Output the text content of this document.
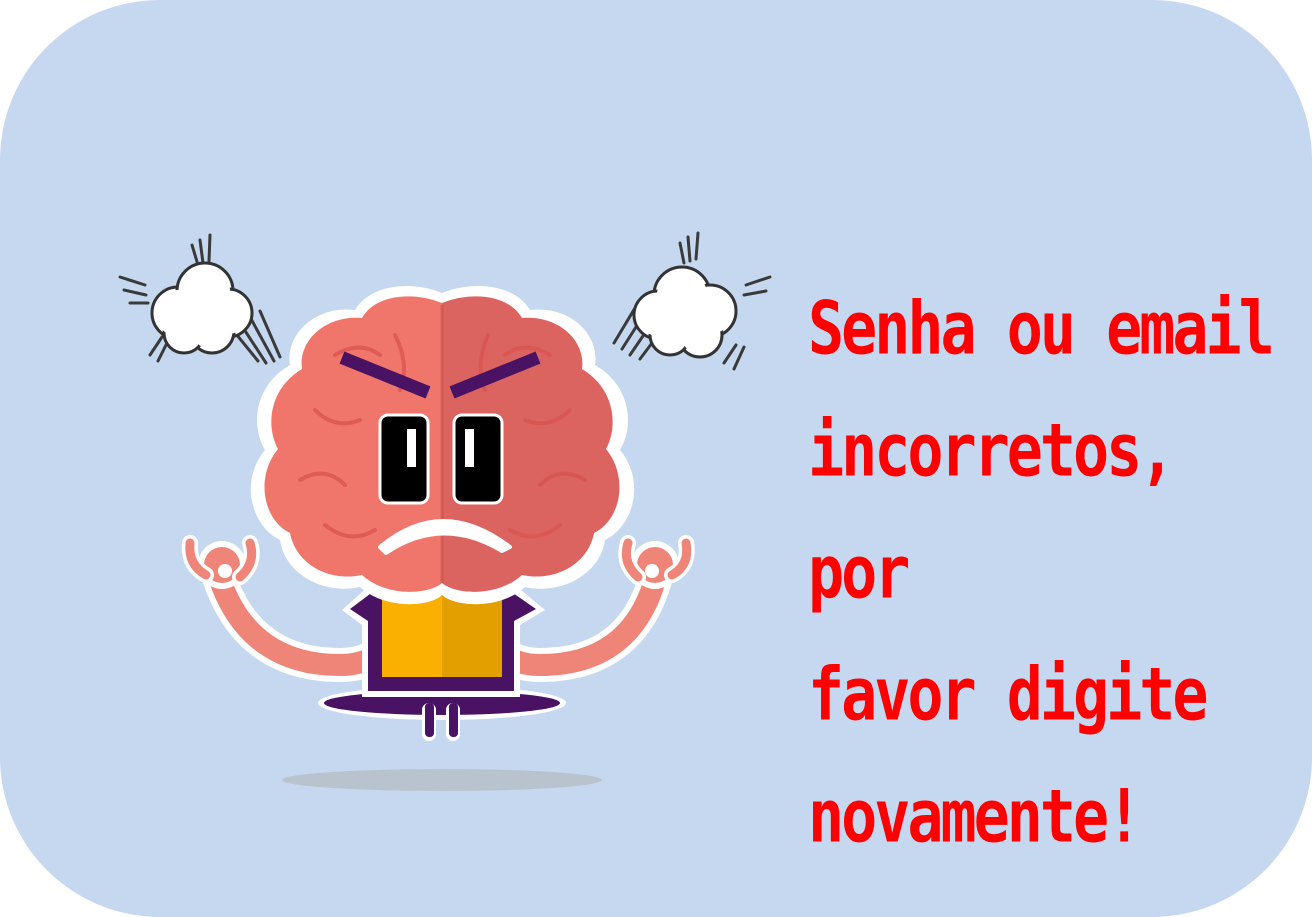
Senha ou email
incorretos, por
favor digite
novamente!
